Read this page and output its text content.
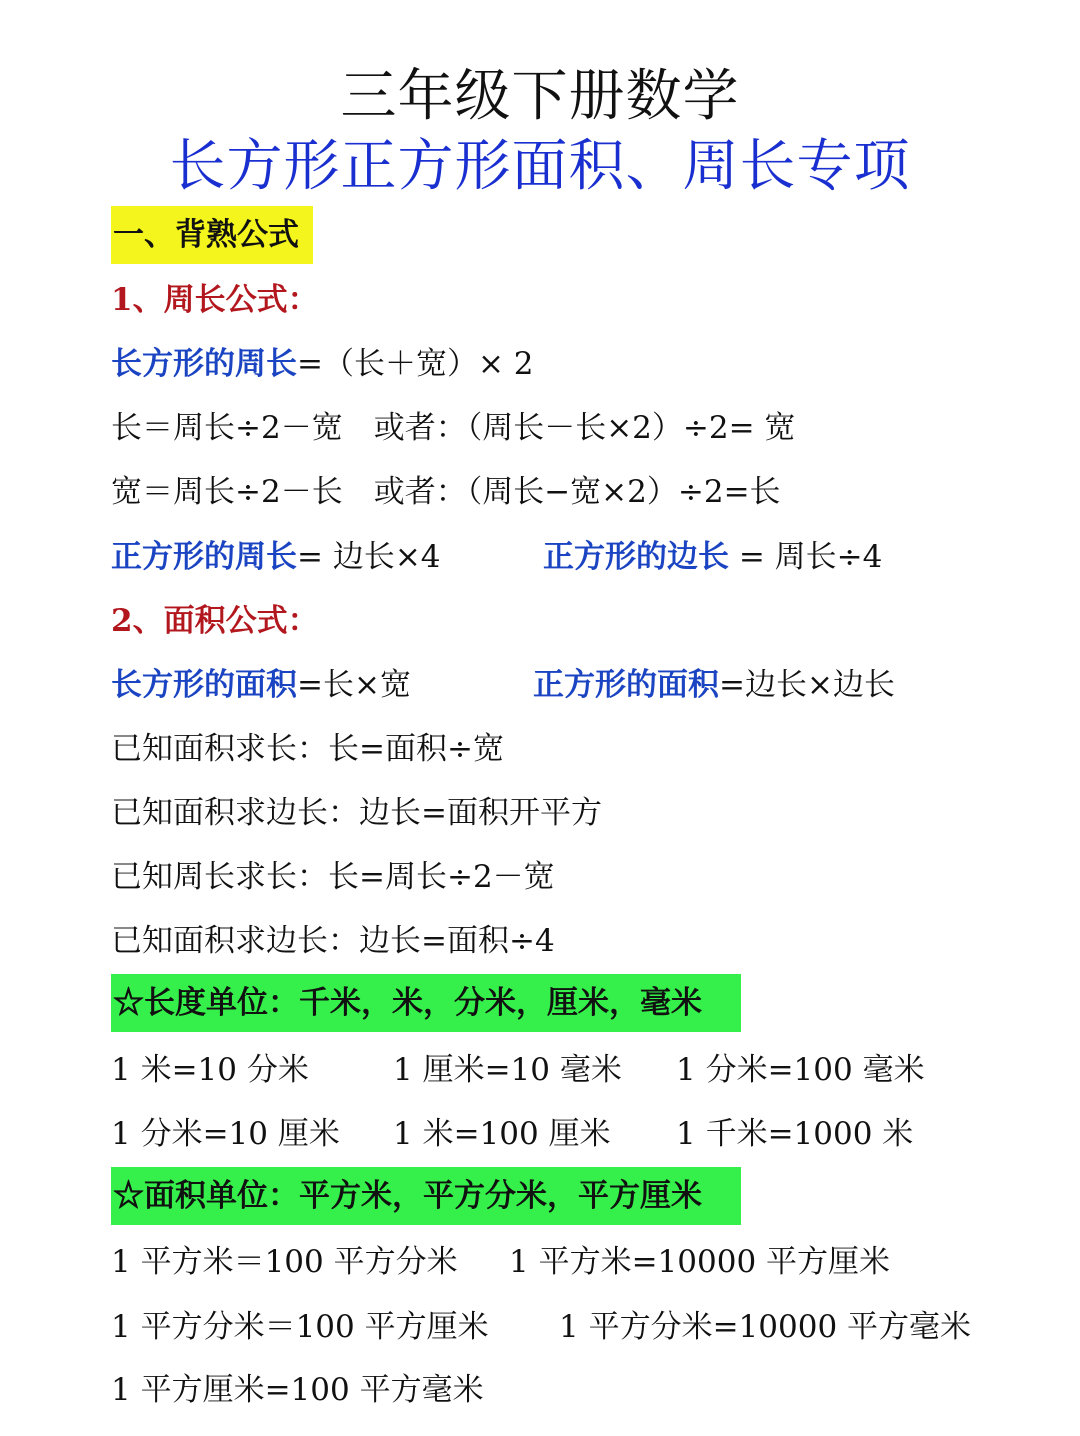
三年级下册数学
长方形正方形面积、周长专项
一、背熟公式
1、周长公式：
长方形的周长=（长＋宽）× 2
长＝周长÷2－宽　或者：（周长－长×2）÷2= 宽
宽＝周长÷2－长　或者：（周长−宽×2）÷2=长
正方形的周长= 边长×4	正方形的边长 = 周长÷4
2、面积公式：
长方形的面积=长×宽	正方形的面积=边长×边长
已知面积求长：长=面积÷宽
已知面积求边长：边长=面积开平方
已知周长求长：长=周长÷2－宽
已知面积求边长：边长=面积÷4
☆长度单位：千米，米，分米，厘米，毫米
1 米=10 分米	1 厘米=10 毫米 1 分米=100 毫米
1 分米=10 厘米 1 米=100 厘米 1 千米=1000 米
☆面积单位：平方米，平方分米，平方厘米
1 平方米＝100 平方分米 1 平方米=10000 平方厘米
1 平方分米＝100 平方厘米 1 平方分米=10000 平方毫米
1 平方厘米=100 平方毫米
